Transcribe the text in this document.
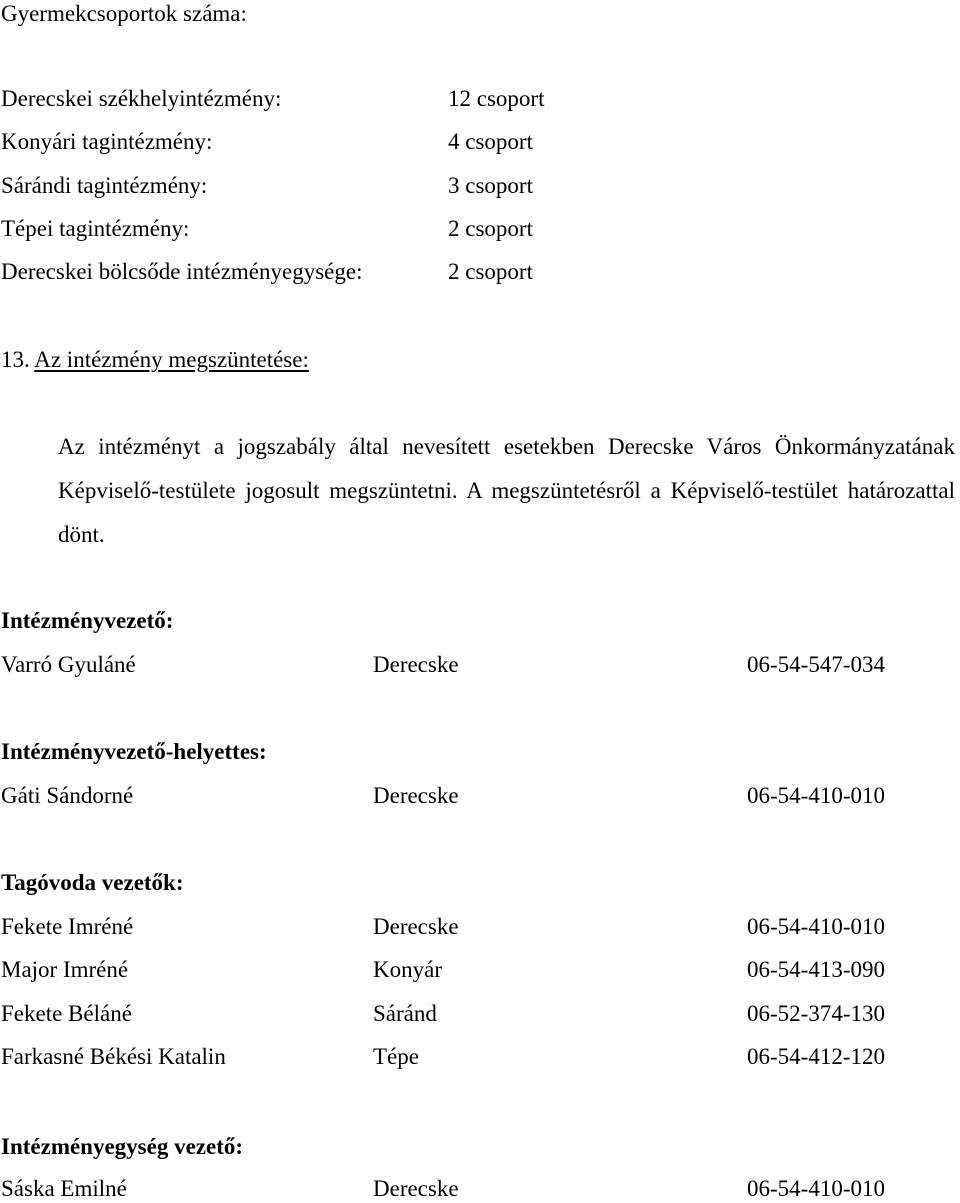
Gyermekcsoportok száma:

Derecskei székhelyintézmény:	12 csoport

Konyári tagintézmény:	4 csoport

Sárándi tagintézmény:	3 csoport

Tépei tagintézmény:	2 csoport

Derecskei bölcsőde intézményegysége:	2 csoport

13. Az intézmény megszüntetése:

Az intézményt a jogszabály által nevesített esetekben Derecske Város Önkormányzatának Képviselő-testülete jogosult megszüntetni. A megszüntetésről a Képviselő-testület határozattal dönt.

Intézményvezető:

Varró Gyuláné	Derecske	06-54-547-034

Intézményvezető-helyettes:

Gáti Sándorné	Derecske	06-54-410-010

Tagóvoda vezetők:

Fekete Imréné	Derecske	06-54-410-010

Major Imréné	Konyár	06-54-413-090

Fekete Béláné	Sáránd	06-52-374-130

Farkasné Békési Katalin	Tépe	06-54-412-120

Intézményegység vezető:

Sáska Emilné	Derecske	06-54-410-010
